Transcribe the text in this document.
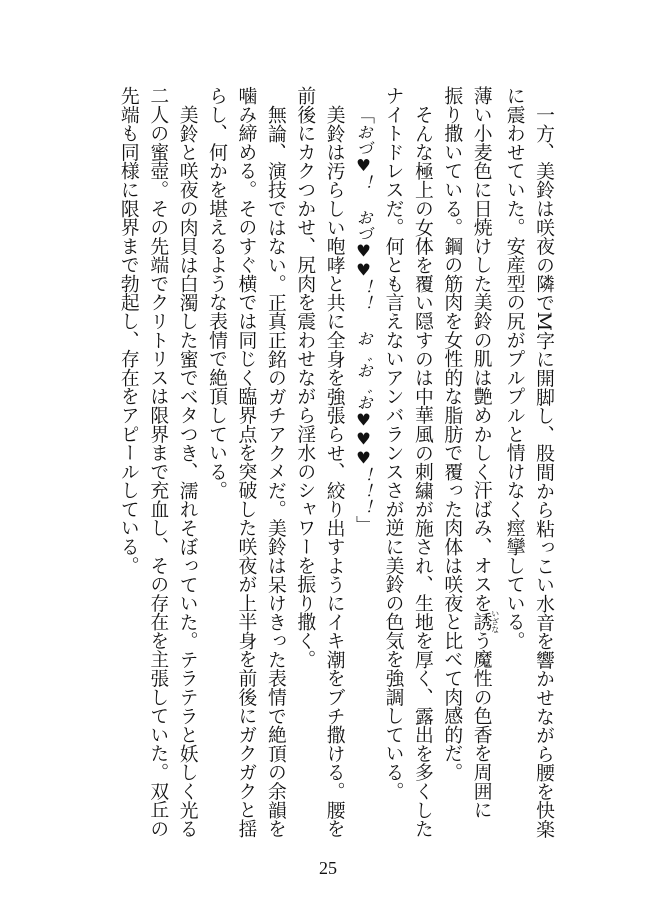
一方、美鈴は咲夜の隣でM字に開脚し、股間から粘っこい水音を響かせながら腰を快楽
に震わせていた。安産型の尻がプルプルと情けなく痙攣している。
薄い小麦色に日焼けした美鈴の肌は艶めかしく汗ばみ、オスを誘 いざなう魔性の色香を周囲に
振り撒いている。鋼の筋肉を女性的な脂肪で覆った肉体は咲夜と比べて肉感的だ。
そんな極上の女体を覆い隠すのは中華風の刺繍が施され、生地を厚く、露出を多くした
ナイトドレスだ。何とも言えないアンバランスさが逆に美鈴の色気を強調している。
「おづ♥！　おづ♥♥！！　お゛お゛お♥♥♥！！！」
美鈴は汚らしい咆哮と共に全身を強張らせ、絞り出すようにイキ潮をブチ撒ける。腰を
前後にカクつかせ、尻肉を震わせながら淫水のシャワーを振り撒く。
無論、演技ではない。正真正銘のガチアクメだ。美鈴は呆けきった表情で絶頂の余韻を
噛み締める。そのすぐ横では同じく臨界点を突破した咲夜が上半身を前後にガクガクと揺
らし、何かを堪えるような表情で絶頂している。
美鈴と咲夜の肉貝は白濁した蜜でベタつき、濡れそぼっていた。テラテラと妖しく光る
二人の蜜壺。その先端でクリトリスは限界まで充血し、その存在を主張していた。双丘の
先端も同様に限界まで勃起し、存在をアピールしている。
25
